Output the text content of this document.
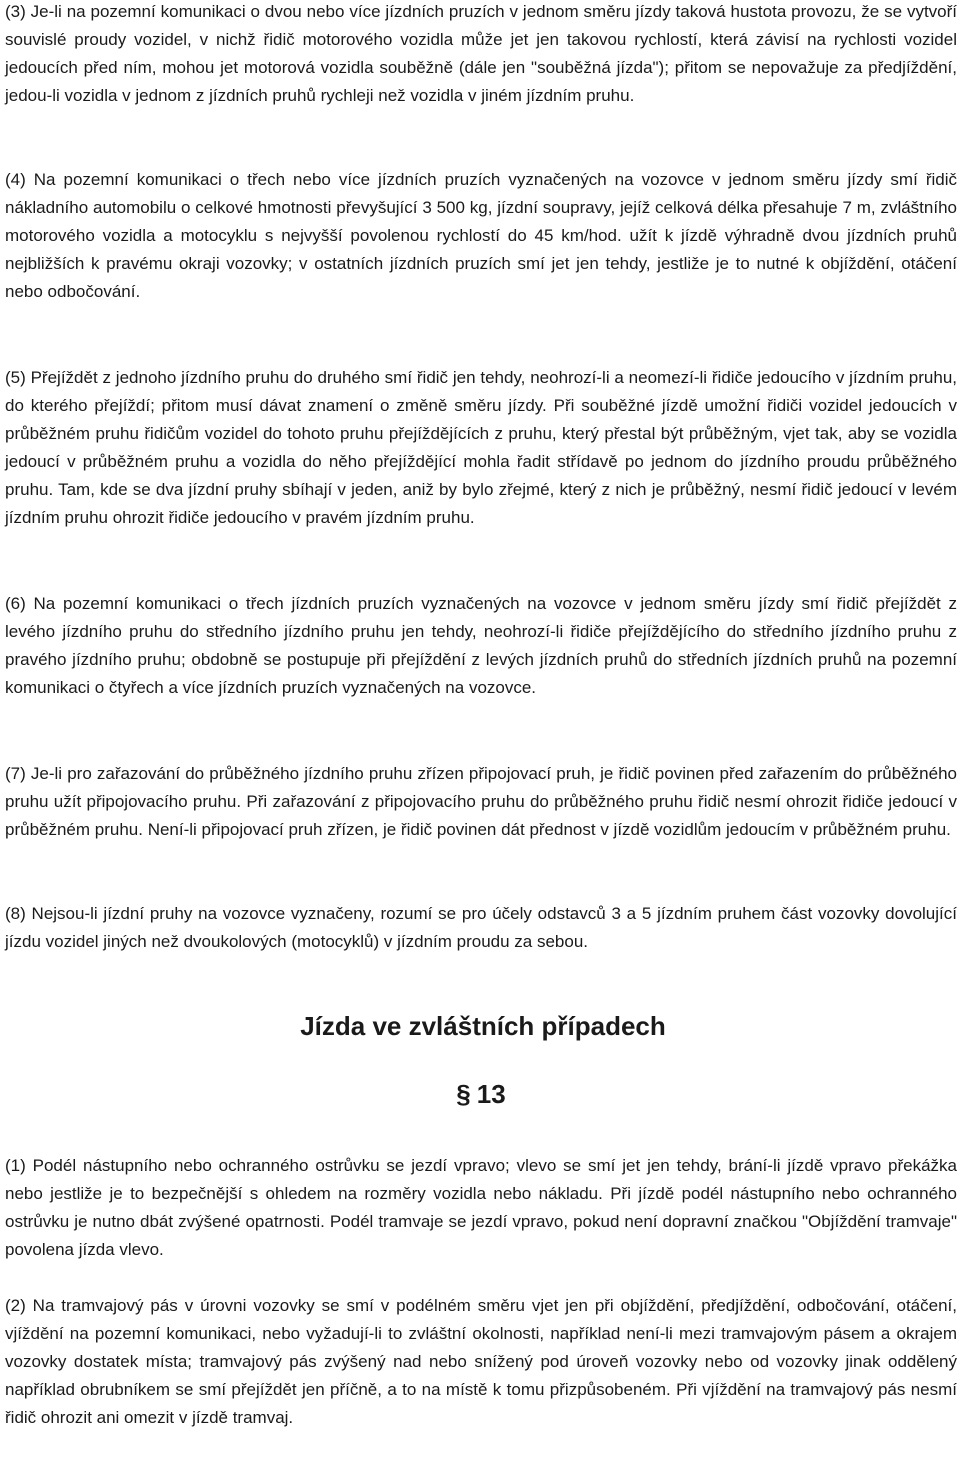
(3) Je-li na pozemní komunikaci o dvou nebo více jízdních pruzích v jednom směru jízdy taková hustota provozu, že se vytvoří souvislé proudy vozidel, v nichž řidič motorového vozidla může jet jen takovou rychlostí, která závisí na rychlosti vozidel jedoucích před ním, mohou jet motorová vozidla souběžně (dále jen "souběžná jízda"); přitom se nepovažuje za předjíždění, jedou-li vozidla v jednom z jízdních pruhů rychleji než vozidla v jiném jízdním pruhu.

(4) Na pozemní komunikaci o třech nebo více jízdních pruzích vyznačených na vozovce v jednom směru jízdy smí řidič nákladního automobilu o celkové hmotnosti převyšující 3 500 kg, jízdní soupravy, jejíž celková délka přesahuje 7 m, zvláštního motorového vozidla a motocyklu s nejvyšší povolenou rychlostí do 45 km/hod. užít k jízdě výhradně dvou jízdních pruhů nejbližších k pravému okraji vozovky; v ostatních jízdních pruzích smí jet jen tehdy, jestliže je to nutné k objíždění, otáčení nebo odbočování.

(5) Přejíždět z jednoho jízdního pruhu do druhého smí řidič jen tehdy, neohrozí-li a neomezí-li řidiče jedoucího v jízdním pruhu, do kterého přejíždí; přitom musí dávat znamení o změně směru jízdy. Při souběžné jízdě umožní řidiči vozidel jedoucích v průběžném pruhu řidičům vozidel do tohoto pruhu přejíždějících z pruhu, který přestal být průběžným, vjet tak, aby se vozidla jedoucí v průběžném pruhu a vozidla do něho přejíždějící mohla řadit střídavě po jednom do jízdního proudu průběžného pruhu. Tam, kde se dva jízdní pruhy sbíhají v jeden, aniž by bylo zřejmé, který z nich je průběžný, nesmí řidič jedoucí v levém jízdním pruhu ohrozit řidiče jedoucího v pravém jízdním pruhu.

(6) Na pozemní komunikaci o třech jízdních pruzích vyznačených na vozovce v jednom směru jízdy smí řidič přejíždět z levého jízdního pruhu do středního jízdního pruhu jen tehdy, neohrozí-li řidiče přejíždějícího do středního jízdního pruhu z pravého jízdního pruhu; obdobně se postupuje při přejíždění z levých jízdních pruhů do středních jízdních pruhů na pozemní komunikaci o čtyřech a více jízdních pruzích vyznačených na vozovce.

(7) Je-li pro zařazování do průběžného jízdního pruhu zřízen připojovací pruh, je řidič povinen před zařazením do průběžného pruhu užít připojovacího pruhu. Při zařazování z připojovacího pruhu do průběžného pruhu řidič nesmí ohrozit řidiče jedoucí v průběžném pruhu. Není-li připojovací pruh zřízen, je řidič povinen dát přednost v jízdě vozidlům jedoucím v průběžném pruhu.

(8) Nejsou-li jízdní pruhy na vozovce vyznačeny, rozumí se pro účely odstavců 3 a 5 jízdním pruhem část vozovky dovolující jízdu vozidel jiných než dvoukolových (motocyklů) v jízdním proudu za sebou.

Jízda ve zvláštních případech
§ 13

(1) Podél nástupního nebo ochranného ostrůvku se jezdí vpravo; vlevo se smí jet jen tehdy, brání-li jízdě vpravo překážka nebo jestliže je to bezpečnější s ohledem na rozměry vozidla nebo nákladu. Při jízdě podél nástupního nebo ochranného ostrůvku je nutno dbát zvýšené opatrnosti. Podél tramvaje se jezdí vpravo, pokud není dopravní značkou "Objíždění tramvaje" povolena jízda vlevo.

(2) Na tramvajový pás v úrovni vozovky se smí v podélném směru vjet jen při objíždění, předjíždění, odbočování, otáčení, vjíždění na pozemní komunikaci, nebo vyžadují-li to zvláštní okolnosti, například není-li mezi tramvajovým pásem a okrajem vozovky dostatek místa; tramvajový pás zvýšený nad nebo snížený pod úroveň vozovky nebo od vozovky jinak oddělený například obrubníkem se smí přejíždět jen příčně, a to na místě k tomu přizpůsobeném. Při vjíždění na tramvajový pás nesmí řidič ohrozit ani omezit v jízdě tramvaj.
